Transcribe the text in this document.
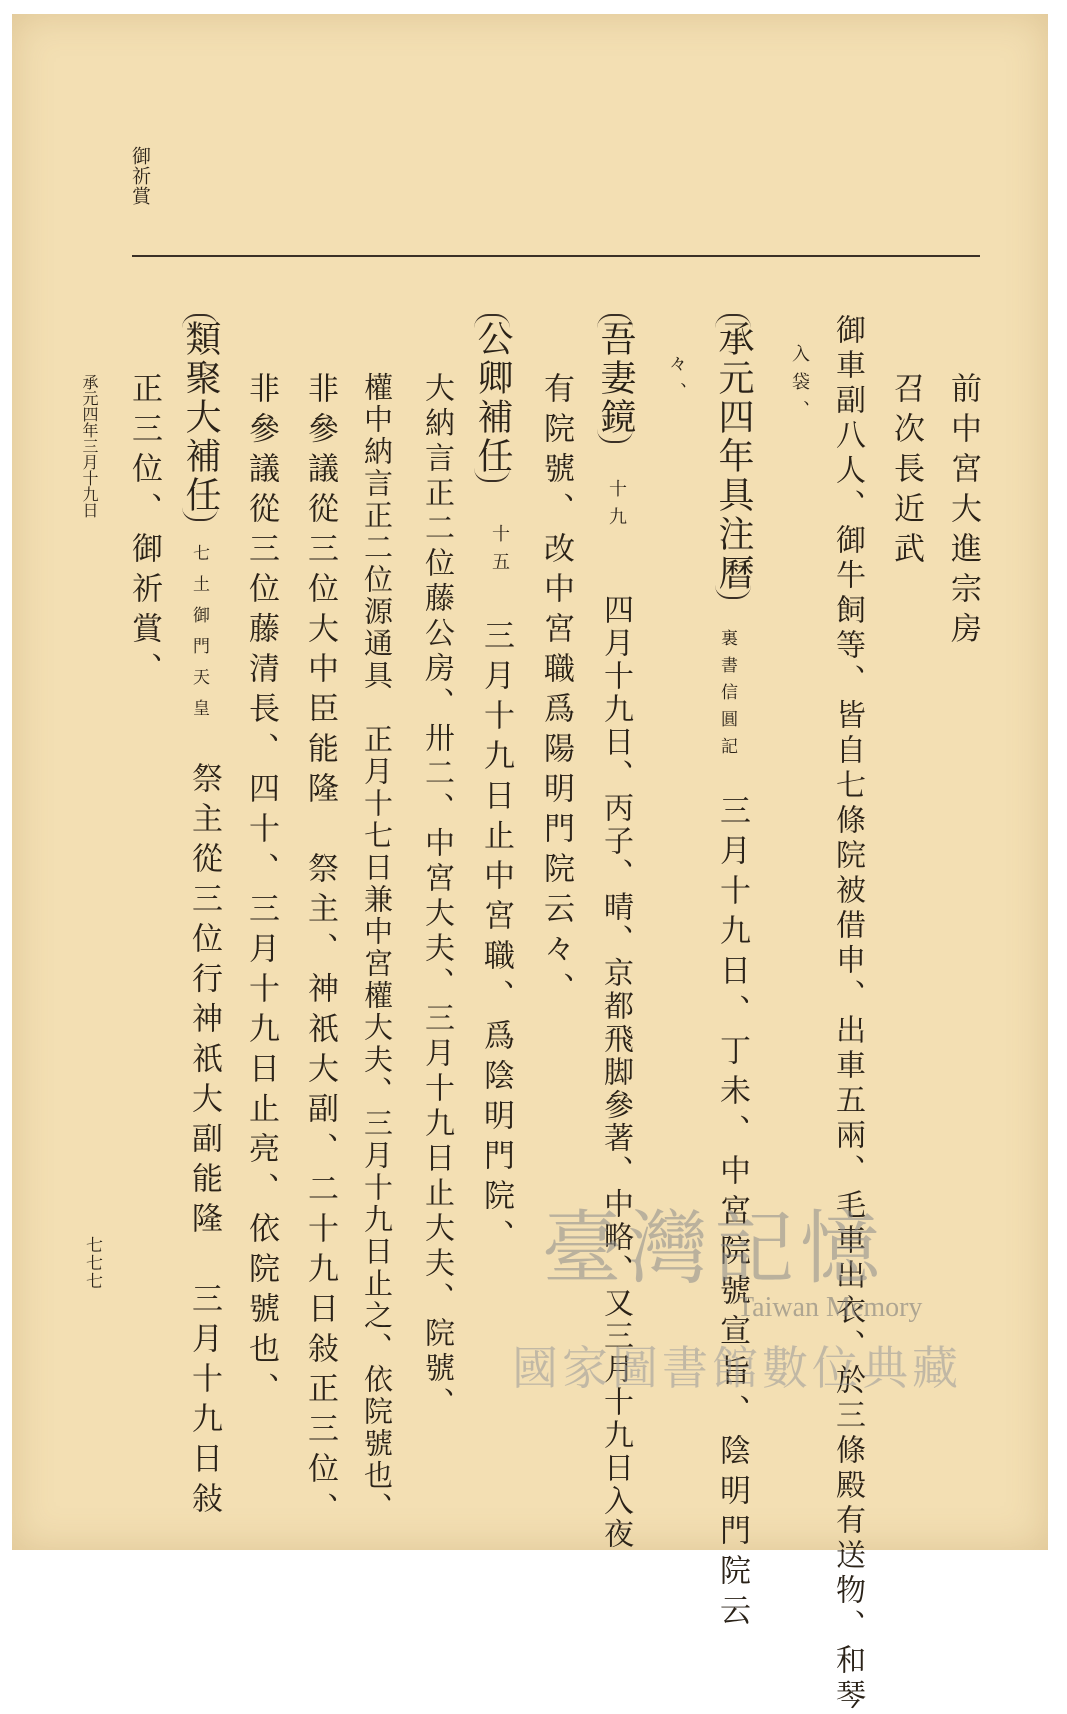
御祈賞
前中宮大進宗房
召次長近武
御車副八人、御牛飼等、皆自七條院被借申、出車五兩、毛車出衣、於三條殿有送物、和琴
入袋、
承元四年具注曆
裏書信圓記
三月十九日、丁未、中宮院號宣旨、陰明門院云
々、
吾妻鏡
十九
四月十九日、丙子、晴、京都飛脚參著、中略、又三月十九日入夜
有院號、改中宮職爲陽明門院云々、
公卿補任
十五
三月十九日止中宮職、爲陰明門院、
大納言正二位藤公房、卅二、中宮大夫、三月十九日止大夫、院號、
權中納言正二位源通具　正月十七日兼中宮權大夫、三月十九日止之、依院號也、
非參議從三位大中臣能隆　祭主、神祇大副、二十九日敍正三位、
非參議從三位藤清長、四十、三月十九日止亮、依院號也、
類聚大補任
七土御門天皇
祭主從三位行神祇大副能隆　三月十九日敍
正三位、御祈賞、
承元四年三月十九日
七七七	臺灣記憶
Taiwan Memory
國家圖書館數位典藏
